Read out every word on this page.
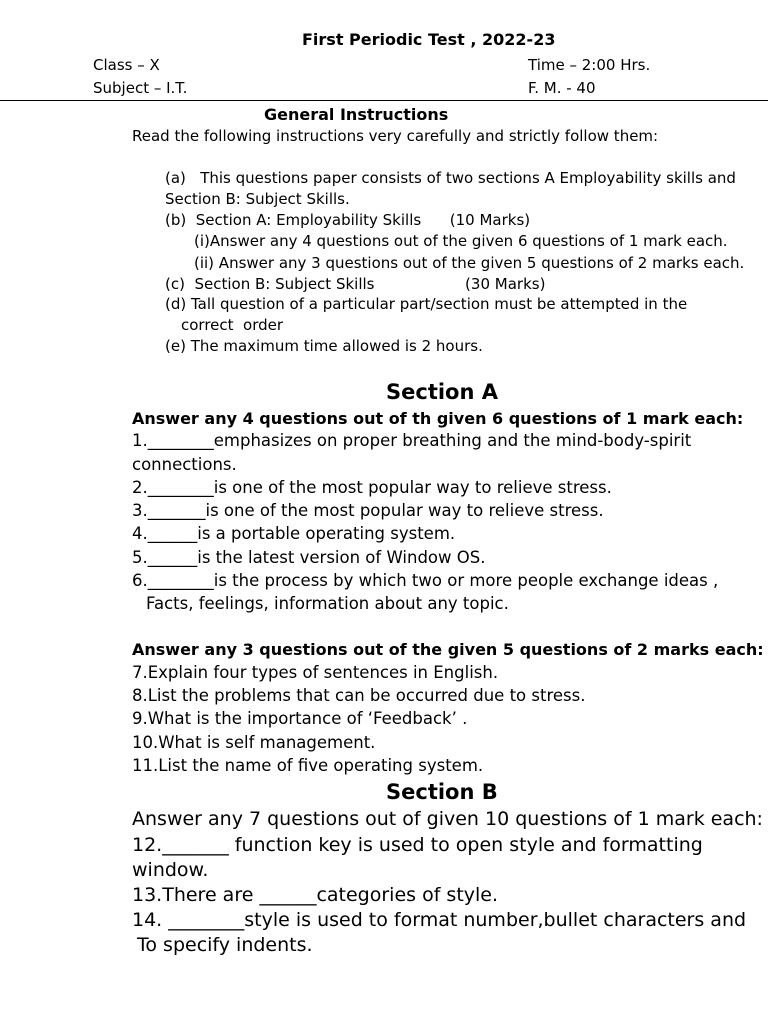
First Periodic Test , 2022-23
Class – X	Time – 2:00 Hrs.
Subject – I.T.	F. M. - 40
General Instructions
Read the following instructions very carefully and strictly follow them:
(a)   This questions paper consists of two sections A Employability skills and
Section B: Subject Skills.
(b)  Section A: Employability Skills      (10 Marks)
(i)Answer any 4 questions out of the given 6 questions of 1 mark each.
(ii) Answer any 3 questions out of the given 5 questions of 2 marks each.
(c)  Section B: Subject Skills                   (30 Marks)
(d) Tall question of a particular part/section must be attempted in the
correct  order
(e) The maximum time allowed is 2 hours.
Section A
Answer any 4 questions out of th given 6 questions of 1 mark each:
1.________emphasizes on proper breathing and the mind-body-spirit
connections.
2.________is one of the most popular way to relieve stress.
3._______is one of the most popular way to relieve stress.
4.______is a portable operating system.
5.______is the latest version of Window OS.
6.________is the process by which two or more people exchange ideas ,
Facts, feelings, information about any topic.
Answer any 3 questions out of the given 5 questions of 2 marks each:
7.Explain four types of sentences in English.
8.List the problems that can be occurred due to stress.
9.What is the importance of ‘Feedback’ .
10.What is self management.
11.List the name of five operating system.
Section B
Answer any 7 questions out of given 10 questions of 1 mark each:
12._______ function key is used to open style and formatting
window.
13.There are ______categories of style.
14. ________style is used to format number,bullet characters and
To specify indents.
